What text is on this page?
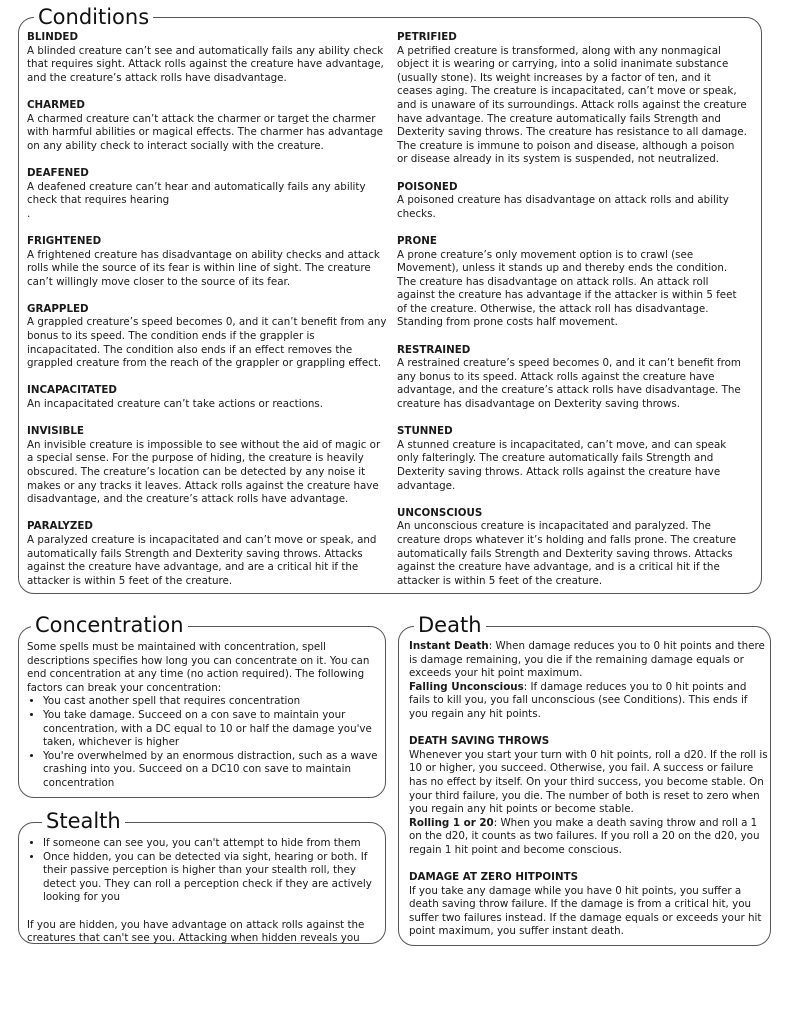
Conditions
BLINDED
A blinded creature can’t see and automatically fails any ability check that requires sight. Attack rolls against the creature have advantage, and the creature’s attack rolls have disadvantage.
CHARMED
A charmed creature can’t attack the charmer or target the charmer with harmful abilities or magical effects. The charmer has advantage on any ability check to interact socially with the creature.
DEAFENED
A deafened creature can’t hear and automatically fails any ability check that requires hearing
.
FRIGHTENED
A frightened creature has disadvantage on ability checks and attack rolls while the source of its fear is within line of sight. The creature can’t willingly move closer to the source of its fear.
GRAPPLED
A grappled creature’s speed becomes 0, and it can’t benefit from any bonus to its speed. The condition ends if the grappler is incapacitated. The condition also ends if an effect removes the grappled creature from the reach of the grappler or grappling effect.
INCAPACITATED
An incapacitated creature can’t take actions or reactions.
INVISIBLE
An invisible creature is impossible to see without the aid of magic or a special sense. For the purpose of hiding, the creature is heavily obscured. The creature’s location can be detected by any noise it makes or any tracks it leaves. Attack rolls against the creature have disadvantage, and the creature’s attack rolls have advantage.
PARALYZED
A paralyzed creature is incapacitated and can’t move or speak, and automatically fails Strength and Dexterity saving throws. Attacks against the creature have advantage, and are a critical hit if the attacker is within 5 feet of the creature.
PETRIFIED
A petrified creature is transformed, along with any nonmagical object it is wearing or carrying, into a solid inanimate substance (usually stone). Its weight increases by a factor of ten, and it ceases aging. The creature is incapacitated, can’t move or speak, and is unaware of its surroundings. Attack rolls against the creature have advantage. The creature automatically fails Strength and Dexterity saving throws. The creature has resistance to all damage. The creature is immune to poison and disease, although a poison or disease already in its system is suspended, not neutralized.
POISONED
A poisoned creature has disadvantage on attack rolls and ability checks.
PRONE
A prone creature’s only movement option is to crawl (see Movement), unless it stands up and thereby ends the condition. The creature has disadvantage on attack rolls. An attack roll against the creature has advantage if the attacker is within 5 feet of the creature. Otherwise, the attack roll has disadvantage. Standing from prone costs half movement.
RESTRAINED
A restrained creature’s speed becomes 0, and it can’t benefit from any bonus to its speed. Attack rolls against the creature have advantage, and the creature’s attack rolls have disadvantage. The creature has disadvantage on Dexterity saving throws.
STUNNED
A stunned creature is incapacitated, can’t move, and can speak only falteringly. The creature automatically fails Strength and Dexterity saving throws. Attack rolls against the creature have advantage.
UNCONSCIOUS
An unconscious creature is incapacitated and paralyzed. The creature drops whatever it’s holding and falls prone. The creature automatically fails Strength and Dexterity saving throws. Attacks against the creature have advantage, and is a critical hit if the attacker is within 5 feet of the creature.
Concentration

Some spells must be maintained with concentration, spell descriptions specifies how long you can concentrate on it. You can end concentration at any time (no action required). The following factors can break your concentration:

• You cast another spell that requires concentration
• You take damage. Succeed on a con save to maintain your concentration, with a DC equal to 10 or half the damage you've taken, whichever is higher
• You're overwhelmed by an enormous distraction, such as a wave crashing into you. Succeed on a DC10 con save to maintain concentration
Stealth
• If someone can see you, you can't attempt to hide from them
• Once hidden, you can be detected via sight, hearing or both. If their passive perception is higher than your stealth roll, they detect you. They can roll a perception check if they are actively looking for you

If you are hidden, you have advantage on attack rolls against the creatures that can't see you. Attacking when hidden reveals you

Death

Instant Death: When damage reduces you to 0 hit points and there is damage remaining, you die if the remaining damage equals or exceeds your hit point maximum.

Falling Unconscious: If damage reduces you to 0 hit points and fails to kill you, you fall unconscious (see Conditions). This ends if you regain any hit points.

DEATH SAVING THROWS

Whenever you start your turn with 0 hit points, roll a d20. If the roll is 10 or higher, you succeed. Otherwise, you fail. A success or failure has no effect by itself. On your third success, you become stable. On your third failure, you die. The number of both is reset to zero when you regain any hit points or become stable.

Rolling 1 or 20: When you make a death saving throw and roll a 1 on the d20, it counts as two failures. If you roll a 20 on the d20, you regain 1 hit point and become conscious.

DAMAGE AT ZERO HITPOINTS

If you take any damage while you have 0 hit points, you suffer a death saving throw failure. If the damage is from a critical hit, you suffer two failures instead. If the damage equals or exceeds your hit point maximum, you suffer instant death.
